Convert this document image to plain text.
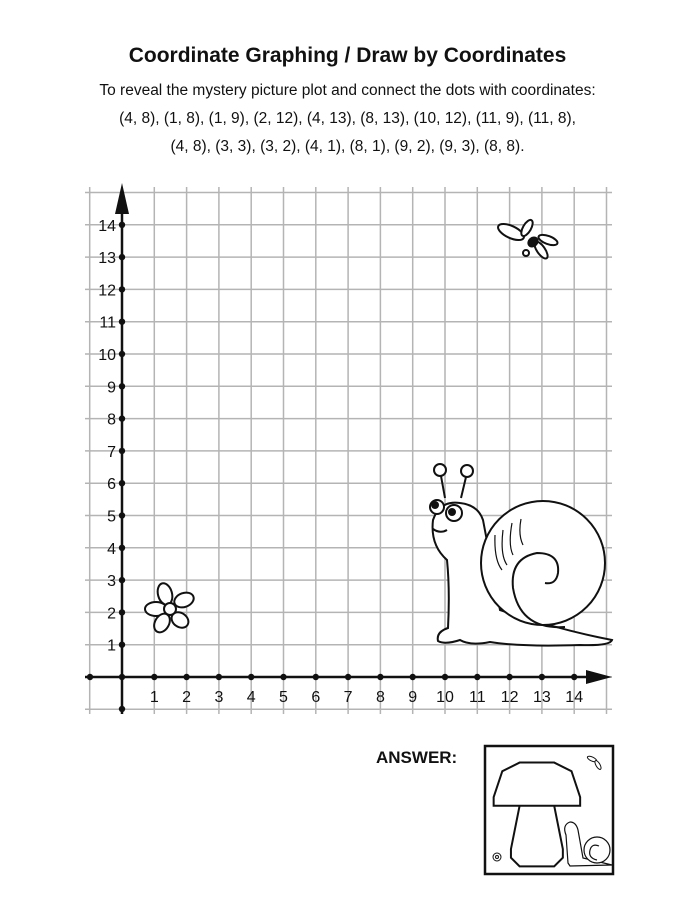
Coordinate Graphing / Draw by Coordinates
To reveal the mystery picture plot and connect the dots with coordinates:
(4, 8), (1, 8), (1, 9), (2, 12), (4, 13), (8, 13), (10, 12), (11, 9), (11, 8),
(4, 8), (3, 3), (3, 2), (4, 1), (8, 1), (9, 2), (9, 3), (8, 8).
1 2 3 4 5 6 7 8 9 10 11 12 13 14
1
2
3
4
5
6
7
8
9
10
11
12
13
14
ANSWER:
